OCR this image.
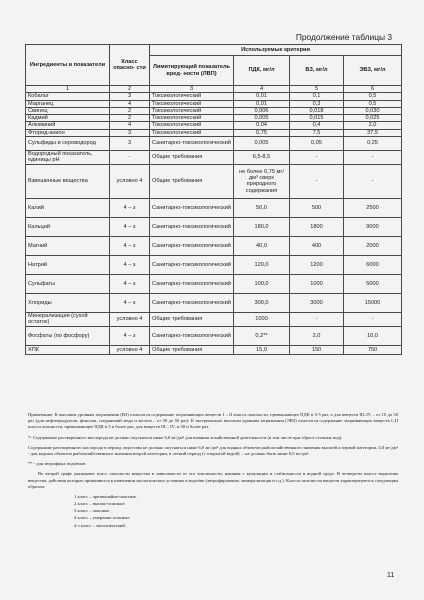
Продолжение таблицы 3
Ингредиенты и показатели	Класс опасно- сти	Используемые критерии			
		Лимитирующий показатель вред- ности (ЛВП)	ПДК, мг/л	ВЗ, мг/л	ЭВЗ, мг/л
1	2	3	4	5	6
Кобальт	3	Токсикологический	0,01	0,1	0,5
Марганец	4	Токсикологический	0,01	0,3	0,5
Свинец	2	Токсикологический	0,006	0,018	0,030
Кадмий	2	Токсикологический	0,005	0,015	0,025
Алюминий	4	Токсикологический	0,04	0,4	2,0
Фторид-анион	3	Токсикологический	0,75	7,5	37,5
Сульфиды и сероводород	3	Санитарно-токсикологический	0,005	0,05	0,25
Водородный показатель, единицы рН	-	Общие требования	6,5-8,5	-	-
Взвешенные вещества	условно 4	Общие требования	не более 0,75 мг/дм³ сверх природного содержания	-	-
Калий	4 – з	Санитарно-токсикологический	50,0	500	2500
Кальций	4 – з	Санитарно-токсикологический	180,0	1800	9000
Магний	4 – з	Санитарно-токсикологический	40,0	400	2000
Натрий	4 – з	Санитарно-токсикологический	120,0	1200	6000
Сульфаты	4 – з	Санитарно-токсикологический	100,0	1000	5000
Хлориды	4 – з	Санитарно-токсикологический	300,0	3000	15000
Минерализация (сухой остаток)	условно 4	Общие требования	1000	-	-
Фосфаты (по фосфору)	4 – з	Санитарно-токсикологический	0,2**	2,0	10,0
ХПК	условно 4	Общие требования	15,0	150	750

Примечание: К высоким уровням загрязнения (ВЗ) относится содержание загрязняющих веществ I – II класса опасности, превышающее ПДК в 3-5 раз, а для веществ III–IV – от 10 до 50 раз (для нефтепродуктов, фенолов, соединений меди и железа – от 30 до 50 раз). К экстремально высоким уровням загрязнения (ЭВЗ) относится содержание загрязняющих веществ I–II класса опасности, превышающее ПДК в 5 и более раз, для веществ III – IV–в 50 и более раз.

*- Содержание растворенного кислорода не должно опускаться ниже 6,0 мг/дм³ для влияния хозяйственной деятельности (в том числе при сбросе сточных вод).

Содержание растворенного кислорода в период ледостава не должно опускаться ниже 6,0 мг/дм³ для водных объектов рыбохозяйственного значения высшей и первой категории, 4,0 мг/дм³ - для водных объектов рыбохозяйственного значения второй категории, в летний период (с открытой водой) ... не должно быть ниже 6,0 мг/дм³.

** - для эвтрофных водоёмов

Во второй графе указывают класс опасности вещества в зависимости от его токсичности, начиная с кумуляции и стабильности в водной среде. В четвертом классе выделены вещества, действия которых проявляются в изменении экологических условиях в водоёме (эвтрофирование, минерализация и т.д.). Классы опасности веществ характеризуются следующим образом:

1 класс – чрезвычайно-опасные.
2 класс – высоко-опасные.
3 класс – опасные.
4 класс – умеренно-опасные.
4-з класс – экологический.
11
